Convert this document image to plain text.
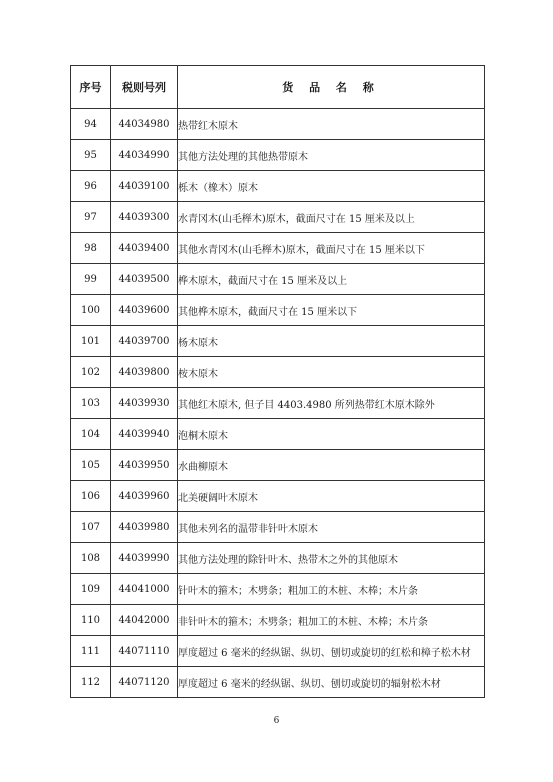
序号	税则号列	货 品 名 称
94	44034980	热带红木原木
95	44034990	其他方法处理的其他热带原木
96	44039100	栎木（橡木）原木
97	44039300	水青冈木(山毛榉木)原木，截面尺寸在 15 厘米及以上
98	44039400	其他水青冈木(山毛榉木)原木，截面尺寸在 15 厘米以下
99	44039500	桦木原木，截面尺寸在 15 厘米及以上
100	44039600	其他桦木原木，截面尺寸在 15 厘米以下
101	44039700	杨木原木
102	44039800	桉木原木
103	44039930	其他红木原木, 但子目 4403.4980 所列热带红木原木除外
104	44039940	泡桐木原木
105	44039950	水曲柳原木
106	44039960	北美硬阔叶木原木
107	44039980	其他未列名的温带非针叶木原木
108	44039990	其他方法处理的除针叶木、热带木之外的其他原木
109	44041000	针叶木的箍木；木劈条；粗加工的木桩、木棒；木片条
110	44042000	非针叶木的箍木；木劈条；粗加工的木桩、木棒；木片条
111	44071110	厚度超过 6 毫米的经纵锯、纵切、刨切或旋切的红松和樟子松木材
112	44071120	厚度超过 6 毫米的经纵锯、纵切、刨切或旋切的辐射松木材
6
